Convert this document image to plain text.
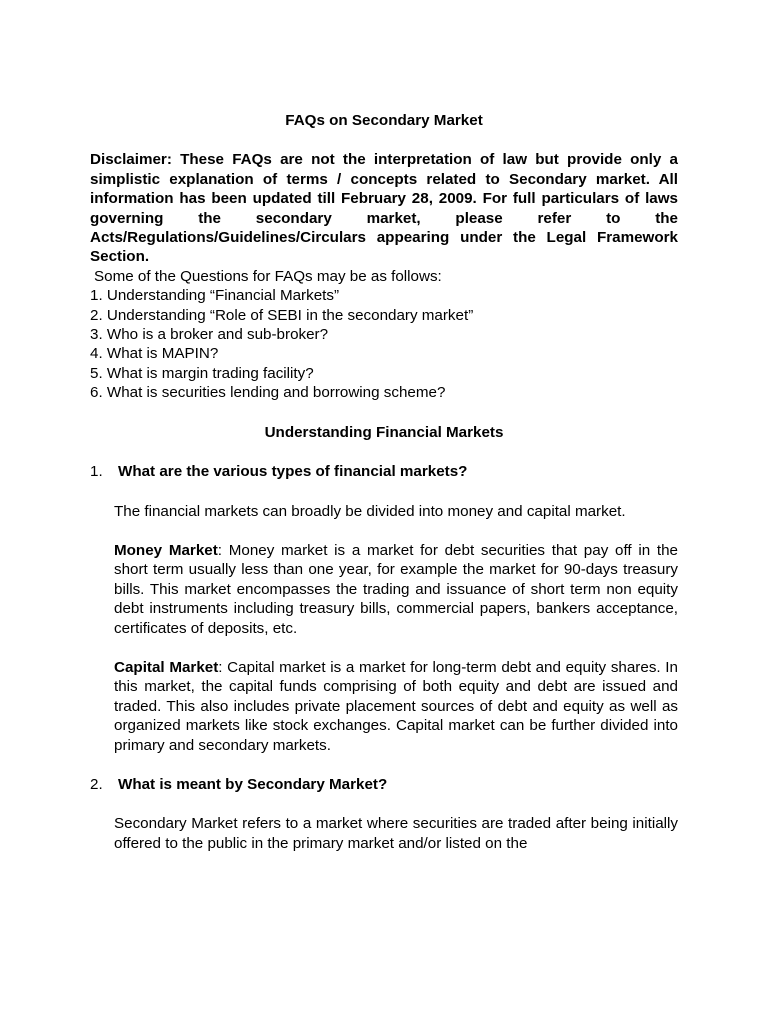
FAQs on Secondary Market

Disclaimer: These FAQs are not the interpretation of law but provide only a simplistic explanation of terms / concepts related to Secondary market. All information has been updated till February 28, 2009. For full particulars of laws governing the secondary market, please refer to the Acts/Regulations/Guidelines/Circulars appearing under the Legal Framework Section.

Some of the Questions for FAQs may be as follows:
1. Understanding “Financial Markets”
2. Understanding “Role of SEBI in the secondary market”
3. Who is a broker and sub-broker?
4. What is MAPIN?
5. What is margin trading facility?
6. What is securities lending and borrowing scheme?
Understanding Financial Markets
1.	What are the various types of financial markets?

The financial markets can broadly be divided into money and capital market.

Money Market: Money market is a market for debt securities that pay off in the short term usually less than one year, for example the market for 90-days treasury bills. This market encompasses the trading and issuance of short term non equity debt instruments including treasury bills, commercial papers, bankers acceptance, certificates of deposits, etc.

Capital Market: Capital market is a market for long-term debt and equity shares. In this market, the capital funds comprising of both equity and debt are issued and traded. This also includes private placement sources of debt and equity as well as organized markets like stock exchanges. Capital market can be further divided into primary and secondary markets.

2.	What is meant by Secondary Market?

Secondary Market refers to a market where securities are traded after being initially offered to the public in the primary market and/or listed on the
